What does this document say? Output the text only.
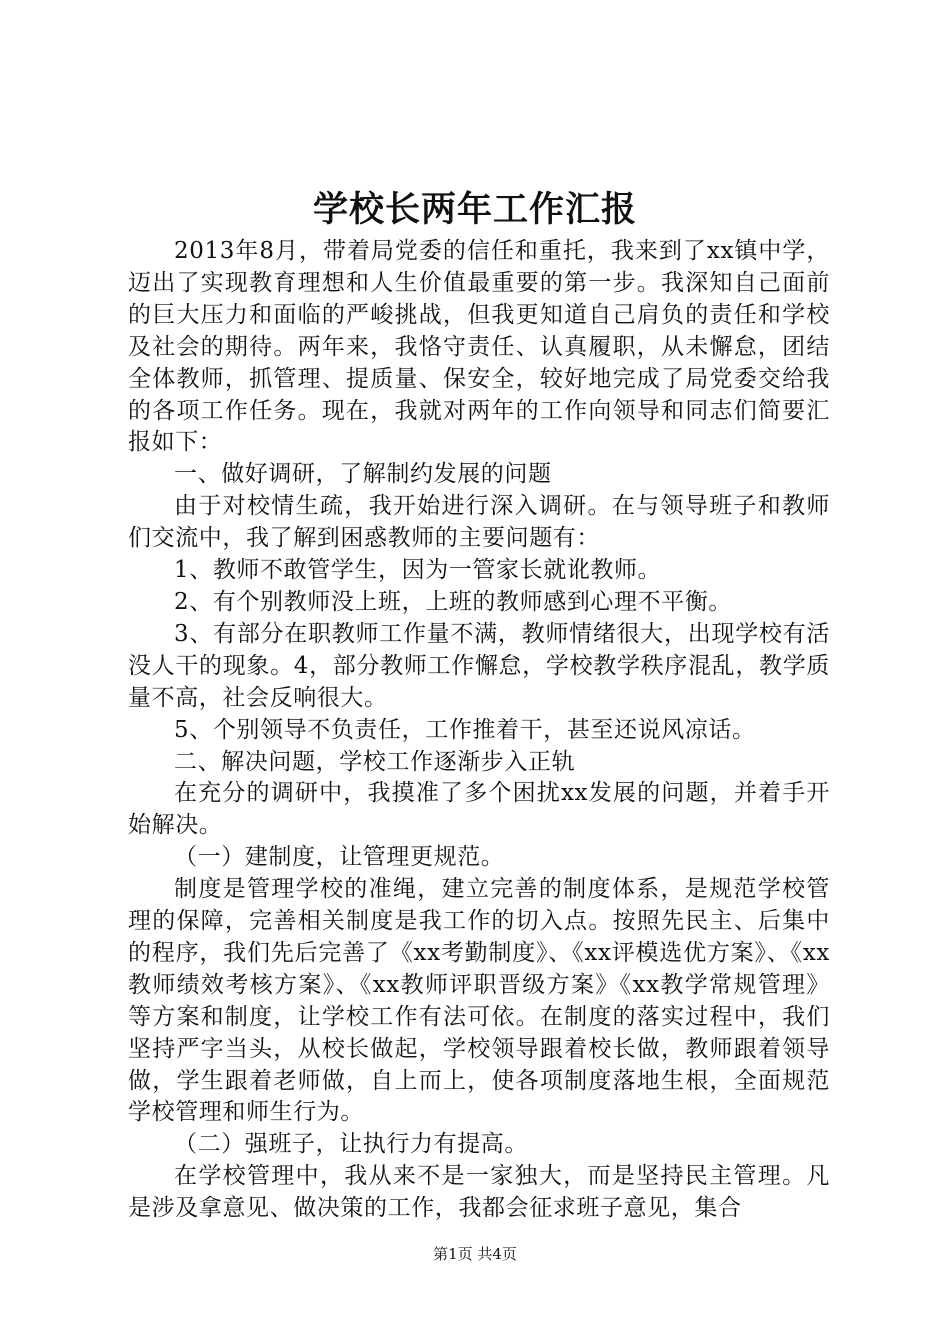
学校长两年工作汇报

2013年8月，带着局党委的信任和重托，我来到了xx镇中学，迈出了实现教育理想和人生价值最重要的第一步。我深知自己面前的巨大压力和面临的严峻挑战，但我更知道自己肩负的责任和学校及社会的期待。两年来，我恪守责任、认真履职，从未懈怠，团结全体教师，抓管理、提质量、保安全，较好地完成了局党委交给我的各项工作任务。现在，我就对两年的工作向领导和同志们简要汇报如下：

一、做好调研，了解制约发展的问题

由于对校情生疏，我开始进行深入调研。在与领导班子和教师们交流中，我了解到困惑教师的主要问题有：

1、教师不敢管学生，因为一管家长就讹教师。

2、有个别教师没上班，上班的教师感到心理不平衡。

3、有部分在职教师工作量不满，教师情绪很大，出现学校有活没人干的现象。4，部分教师工作懈怠，学校教学秩序混乱，教学质量不高，社会反响很大。

5、个别领导不负责任，工作推着干，甚至还说风凉话。

二、解决问题，学校工作逐渐步入正轨

在充分的调研中，我摸准了多个困扰xx发展的问题，并着手开始解决。

（一）建制度，让管理更规范。

制度是管理学校的准绳，建立完善的制度体系，是规范学校管理的保障，完善相关制度是我工作的切入点。按照先民主、后集中的程序，我们先后完善了《xx考勤制度》、《xx评模选优方案》、《xx教师绩效考核方案》、《xx教师评职晋级方案》《xx教学常规管理》等方案和制度，让学校工作有法可依。在制度的落实过程中，我们坚持严字当头，从校长做起，学校领导跟着校长做，教师跟着领导做，学生跟着老师做，自上而上，使各项制度落地生根，全面规范学校管理和师生行为。

（二）强班子，让执行力有提高。

在学校管理中，我从来不是一家独大，而是坚持民主管理。凡是涉及拿意见、做决策的工作，我都会征求班子意见，集合

第1页 共4页
